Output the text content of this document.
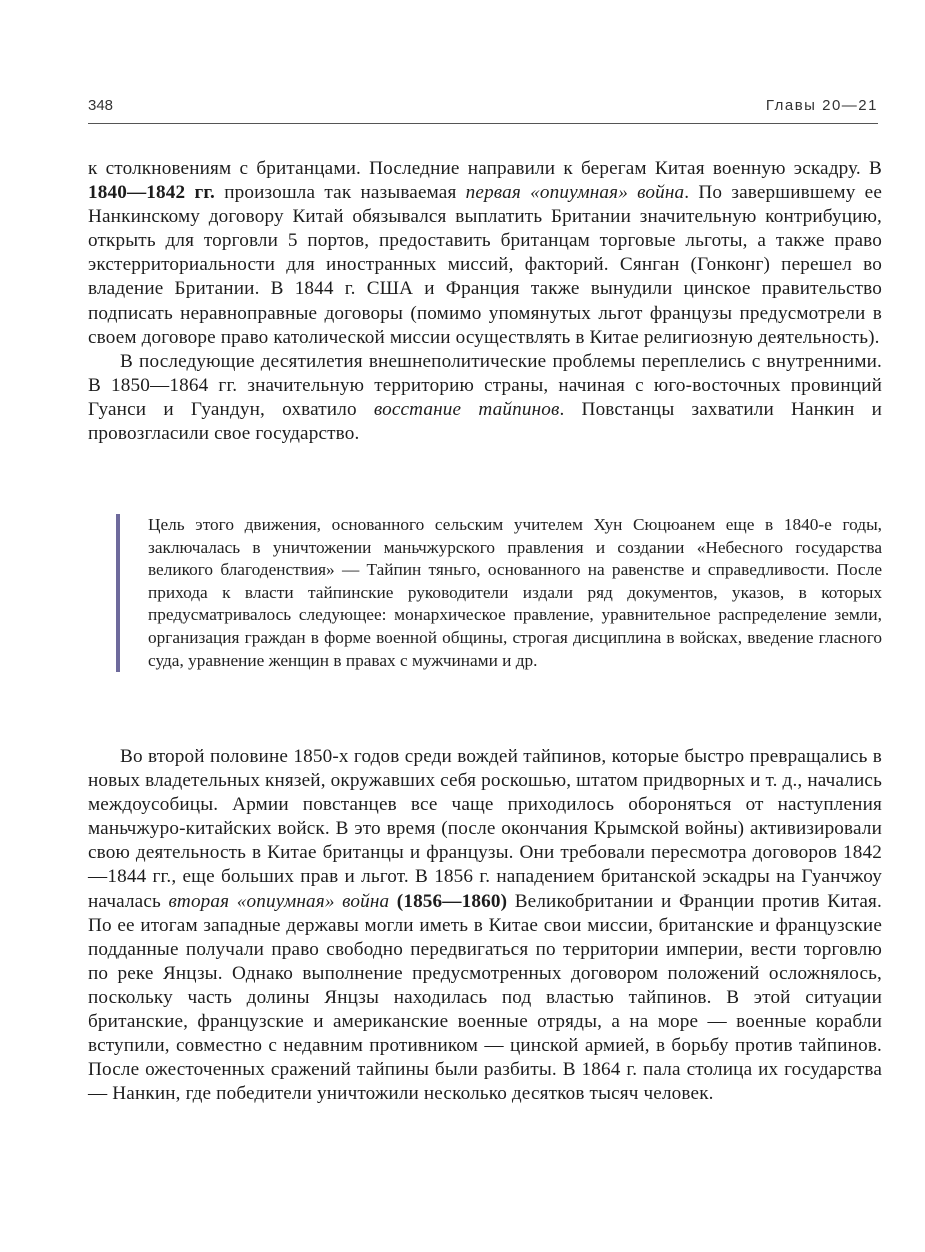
348	Главы 20—21

к столкновениям с британцами. Последние направили к берегам Китая военную эскадру. В 1840—1842 гг. произошла так называемая первая «опиумная» война. По завершившему ее Нанкинскому договору Китай обязывался выплатить Британии значительную контрибуцию, открыть для торговли 5 портов, предоставить британцам торговые льготы, а также право экстерриториальности для иностранных миссий, факторий. Сянган (Гонконг) перешел во владение Британии. В 1844 г. США и Франция также вынудили цинское правительство подписать неравноправные договоры (помимо упомянутых льгот французы предусмотрели в своем договоре право католической миссии осуществлять в Китае религиозную деятельность).

В последующие десятилетия внешнеполитические проблемы переплелись с внутренними. В 1850—1864 гг. значительную территорию страны, начиная с юго-восточных провинций Гуанси и Гуандун, охватило восстание тайпинов. Повстанцы захватили Нанкин и провозгласили свое государство.

Цель этого движения, основанного сельским учителем Хун Сюцюанем еще в 1840-е годы, заключалась в уничтожении маньчжурского правления и создании «Небесного государства великого благоденствия» — Тайпин тяньго, основанного на равенстве и справедливости. После прихода к власти тайпинские руководители издали ряд документов, указов, в которых предусматривалось следующее: монархическое правление, уравнительное распределение земли, организация граждан в форме военной общины, строгая дисциплина в войсках, введение гласного суда, уравнение женщин в правах с мужчинами и др.

Во второй половине 1850-х годов среди вождей тайпинов, которые быстро превращались в новых владетельных князей, окружавших себя роскошью, штатом придворных и т. д., начались междоусобицы. Армии повстанцев все чаще приходилось обороняться от наступления маньчжуро-китайских войск. В это время (после окончания Крымской войны) активизировали свою деятельность в Китае британцы и французы. Они требовали пересмотра договоров 1842—1844 гг., еще больших прав и льгот. В 1856 г. нападением британской эскадры на Гуанчжоу началась вторая «опиумная» война (1856—1860) Великобритании и Франции против Китая. По ее итогам западные державы могли иметь в Китае свои миссии, британские и французские подданные получали право свободно передвигаться по территории империи, вести торговлю по реке Янцзы. Однако выполнение предусмотренных договором положений осложнялось, поскольку часть долины Янцзы находилась под властью тайпинов. В этой ситуации британские, французские и американские военные отряды, а на море — военные корабли вступили, совместно с недавним противником — цинской армией, в борьбу против тайпинов. После ожесточенных сражений тайпины были разбиты. В 1864 г. пала столица их государства — Нанкин, где победители уничтожили несколько десятков тысяч человек.
